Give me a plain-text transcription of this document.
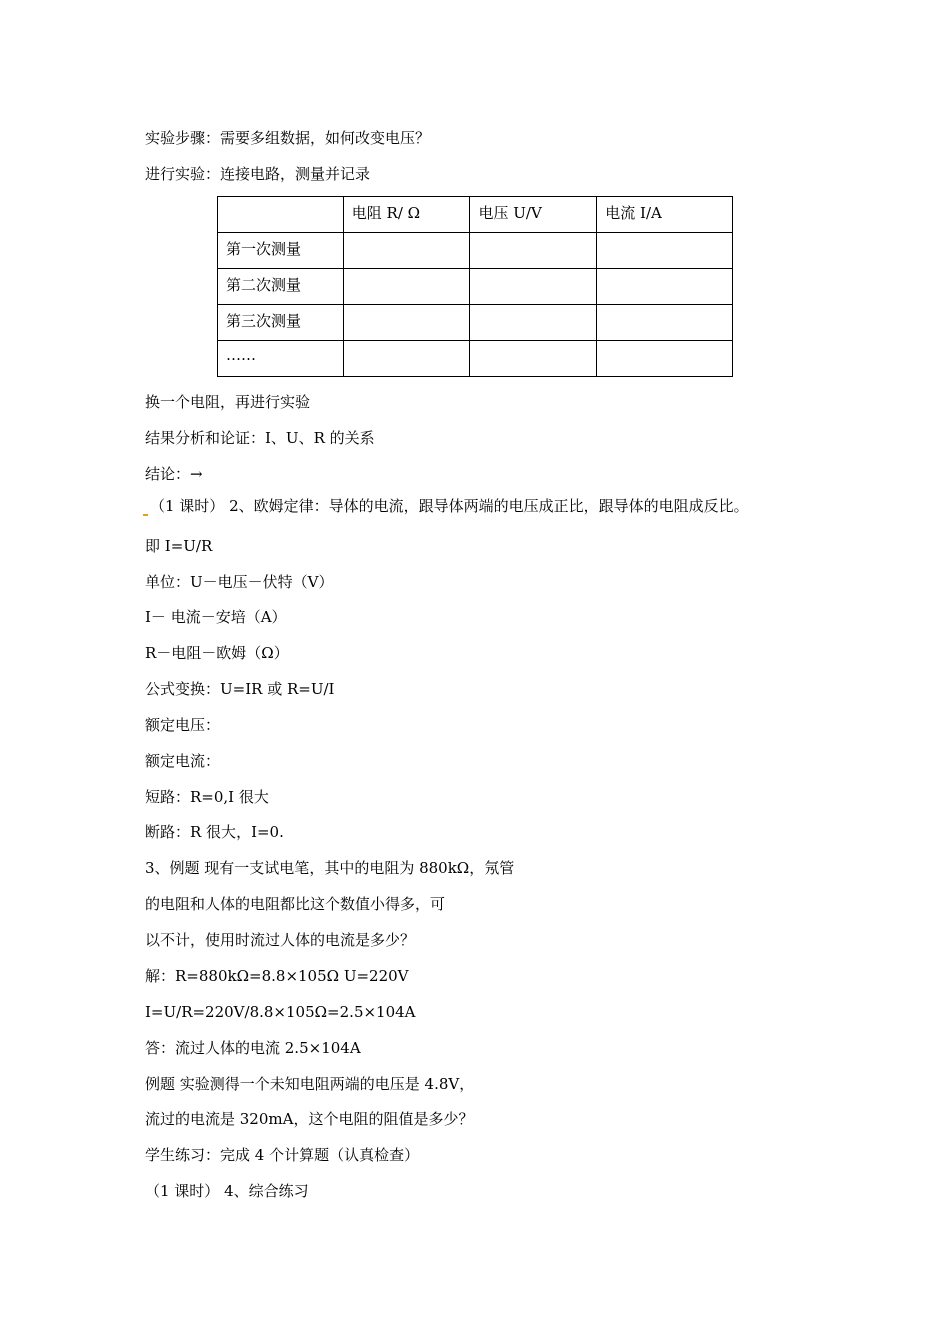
实验步骤：需要多组数据，如何改变电压？
进行实验：连接电路，测量并记录
	电阻 R/ Ω	电压 U/V	电流 I/A
第一次测量			
第二次测量			
第三次测量			
……			
换一个电阻，再进行实验
结果分析和论证：I、U、R 的关系
结论：→
（1 课时） 2、欧姆定律：导体的电流，跟导体两端的电压成正比，跟导体的电阻成反比。
即 I=U/R
单位：U－电压－伏特（V）
I－ 电流－安培（A）
R－电阻－欧姆（Ω）
公式变换：U=IR 或 R=U/I
额定电压：
额定电流：
短路：R=0,I 很大
断路：R 很大，I=0.
3、例题 现有一支试电笔，其中的电阻为 880kΩ，氖管
的电阻和人体的电阻都比这个数值小得多，可
以不计，使用时流过人体的电流是多少？
解：R=880kΩ=8.8×105Ω U=220V
I=U/R=220V/8.8×105Ω=2.5×104A
答：流过人体的电流 2.5×104A
例题 实验测得一个未知电阻两端的电压是 4.8V，
流过的电流是 320mA，这个电阻的阻值是多少？
学生练习：完成 4 个计算题（认真检查）
（1 课时） 4、综合练习
